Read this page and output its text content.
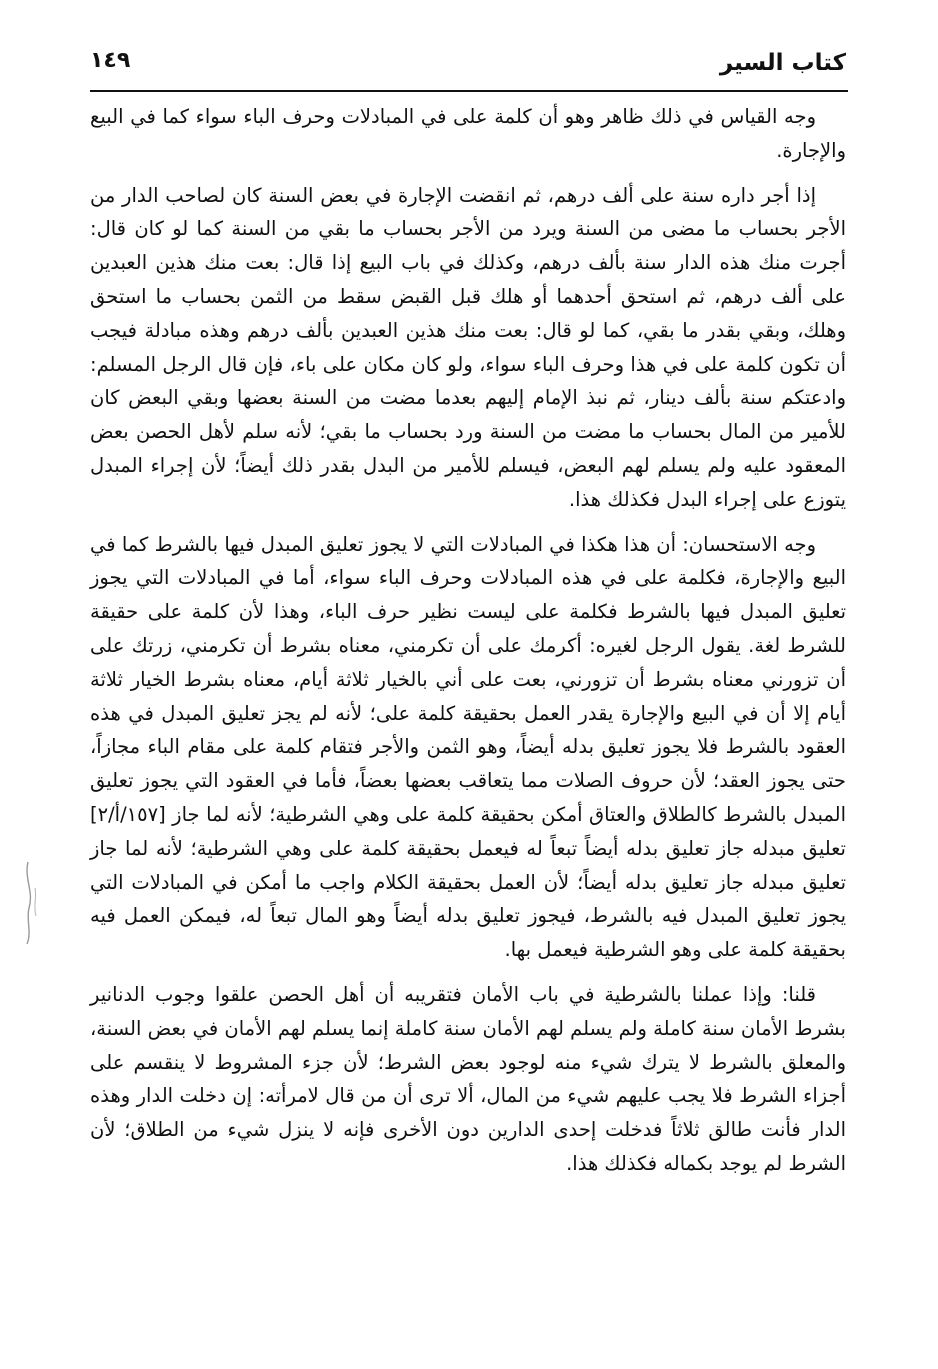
كتاب السير
١٤٩

وجه القياس في ذلك ظاهر وهو أن كلمة على في المبادلات وحرف الباء سواء كما في البيع والإجارة.

إذا أجر داره سنة على ألف درهم، ثم انقضت الإجارة في بعض السنة كان لصاحب الدار من الأجر بحساب ما مضى من السنة ويرد من الأجر بحساب ما بقي من السنة كما لو كان قال: أجرت منك هذه الدار سنة بألف درهم، وكذلك في باب البيع إذا قال: بعت منك هذين العبدين على ألف درهم، ثم استحق أحدهما أو هلك قبل القبض سقط من الثمن بحساب ما استحق وهلك، وبقي بقدر ما بقي، كما لو قال: بعت منك هذين العبدين بألف درهم وهذه مبادلة فيجب أن تكون كلمة على في هذا وحرف الباء سواء، ولو كان مكان على باء، فإن قال الرجل المسلم: وادعتكم سنة بألف دينار، ثم نبذ الإمام إليهم بعدما مضت من السنة بعضها وبقي البعض كان للأمير من المال بحساب ما مضت من السنة ورد بحساب ما بقي؛ لأنه سلم لأهل الحصن بعض المعقود عليه ولم يسلم لهم البعض، فيسلم للأمير من البدل بقدر ذلك أيضاً؛ لأن إجراء المبدل يتوزع على إجراء البدل فكذلك هذا.

وجه الاستحسان: أن هذا هكذا في المبادلات التي لا يجوز تعليق المبدل فيها بالشرط كما في البيع والإجارة، فكلمة على في هذه المبادلات وحرف الباء سواء، أما في المبادلات التي يجوز تعليق المبدل فيها بالشرط فكلمة على ليست نظير حرف الباء، وهذا لأن كلمة على حقيقة للشرط لغة. يقول الرجل لغيره: أكرمك على أن تكرمني، معناه بشرط أن تكرمني، زرتك على أن تزورني معناه بشرط أن تزورني، بعت على أني بالخيار ثلاثة أيام، معناه بشرط الخيار ثلاثة أيام إلا أن في البيع والإجارة يقدر العمل بحقيقة كلمة على؛ لأنه لم يجز تعليق المبدل في هذه العقود بالشرط فلا يجوز تعليق بدله أيضاً، وهو الثمن والأجر فتقام كلمة على مقام الباء مجازاً، حتى يجوز العقد؛ لأن حروف الصلات مما يتعاقب بعضها بعضاً، فأما في العقود التي يجوز تعليق المبدل بالشرط كالطلاق والعتاق أمكن بحقيقة كلمة على وهي الشرطية؛ لأنه لما جاز [١٥٧/أ/٢] تعليق مبدله جاز تعليق بدله أيضاً تبعاً له فيعمل بحقيقة كلمة على وهي الشرطية؛ لأنه لما جاز تعليق مبدله جاز تعليق بدله أيضاً؛ لأن العمل بحقيقة الكلام واجب ما أمكن في المبادلات التي يجوز تعليق المبدل فيه بالشرط، فيجوز تعليق بدله أيضاً وهو المال تبعاً له، فيمكن العمل فيه بحقيقة كلمة على وهو الشرطية فيعمل بها.

قلنا: وإذا عملنا بالشرطية في باب الأمان فتقريبه أن أهل الحصن علقوا وجوب الدنانير بشرط الأمان سنة كاملة ولم يسلم لهم الأمان سنة كاملة إنما يسلم لهم الأمان في بعض السنة، والمعلق بالشرط لا يترك شيء منه لوجود بعض الشرط؛ لأن جزء المشروط لا ينقسم على أجزاء الشرط فلا يجب عليهم شيء من المال، ألا ترى أن من قال لامرأته: إن دخلت الدار وهذه الدار فأنت طالق ثلاثاً فدخلت إحدى الدارين دون الأخرى فإنه لا ينزل شيء من الطلاق؛ لأن الشرط لم يوجد بكماله فكذلك هذا.
